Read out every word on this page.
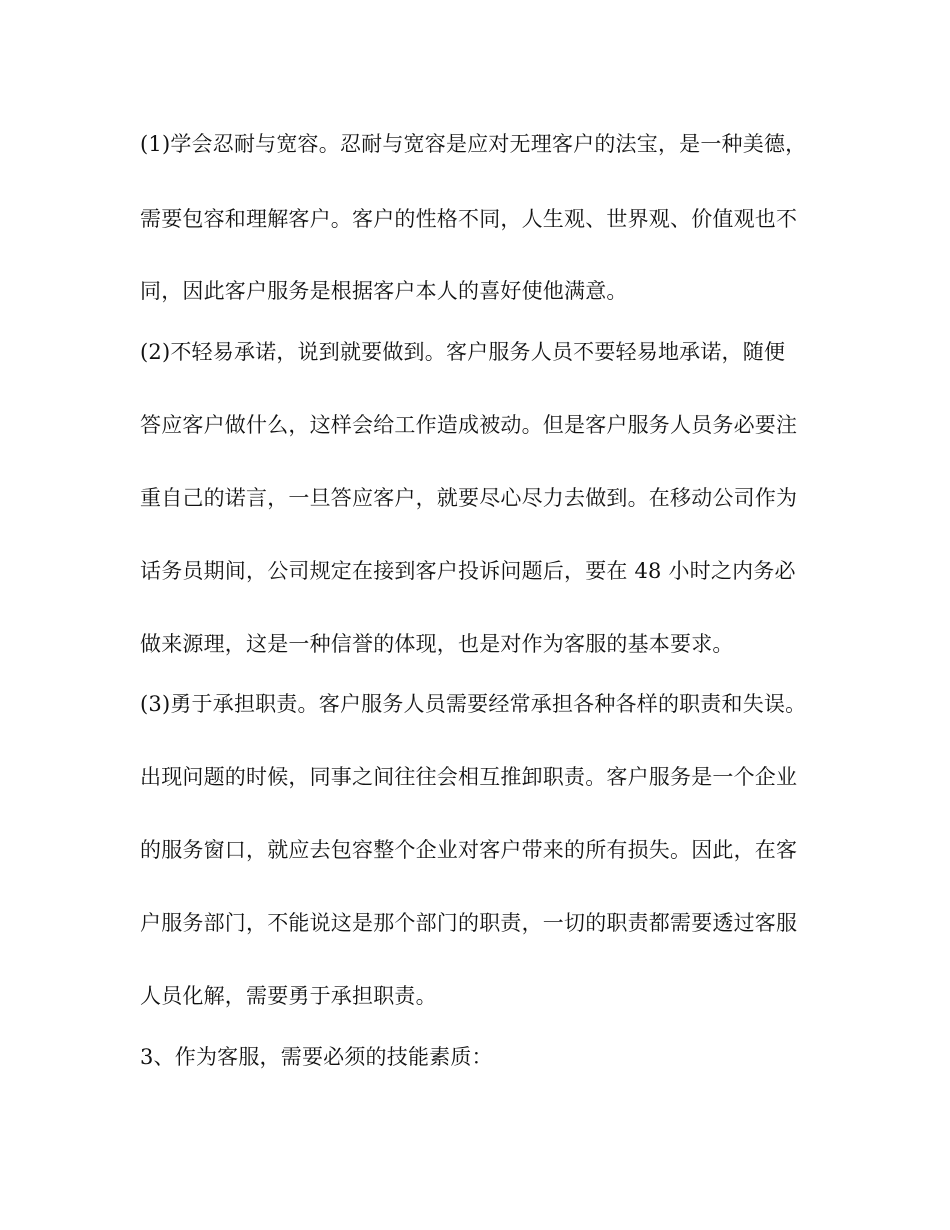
(1)学会忍耐与宽容。忍耐与宽容是应对无理客户的法宝，是一种美德，
需要包容和理解客户。客户的性格不同，人生观、世界观、价值观也不
同，因此客户服务是根据客户本人的喜好使他满意。
(2)不轻易承诺，说到就要做到。客户服务人员不要轻易地承诺，随便
答应客户做什么，这样会给工作造成被动。但是客户服务人员务必要注
重自己的诺言，一旦答应客户，就要尽心尽力去做到。在移动公司作为
话务员期间，公司规定在接到客户投诉问题后，要在 48 小时之内务必
做来源理，这是一种信誉的体现，也是对作为客服的基本要求。
(3)勇于承担职责。客户服务人员需要经常承担各种各样的职责和失误。
出现问题的时候，同事之间往往会相互推卸职责。客户服务是一个企业
的服务窗口，就应去包容整个企业对客户带来的所有损失。因此，在客
户服务部门，不能说这是那个部门的职责，一切的职责都需要透过客服
人员化解，需要勇于承担职责。
3、作为客服，需要必须的技能素质：
